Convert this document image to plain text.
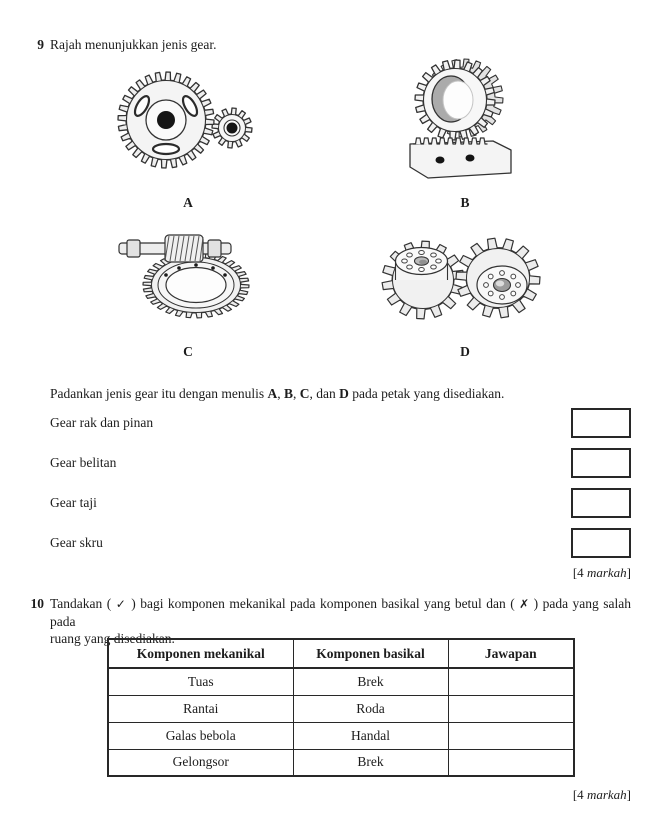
9 Rajah menunjukkan jenis gear.
A	B
C	D
Padankan jenis gear itu dengan menulis A, B, C, dan D pada petak yang disediakan.
Gear rak dan pinan
Gear belitan
Gear taji
Gear skru
[4 markah]
10 Tandakan ( ✓ ) bagi komponen mekanikal pada komponen basikal yang betul dan ( ✗ ) pada yang salah pada
ruang yang disediakan.
Komponen mekanikal	Komponen basikal	Jawapan
Tuas	Brek	
Rantai	Roda	
Galas bebola	Handal	
Gelongsor	Brek	
[4 markah]
